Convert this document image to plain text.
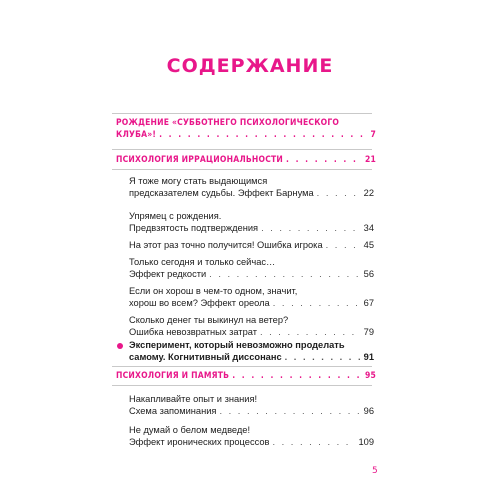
СОДЕРЖАНИЕ
РОЖДЕНИЕ «СУББОТНЕГО ПСИХОЛОГИЧЕСКОГО
КЛУБА»! . . .	7
ПСИХОЛОГИЯ ИРРАЦИОНАЛЬНОСТИ . . .	21
Я тоже могу стать выдающимся
предсказателем судьбы. Эффект Барнума . . .	22
Упрямец с рождения.
Предвзятость подтверждения . . .	34
На этот раз точно получится! Ошибка игрока . . .	45
Только сегодня и только сейчас…
Эффект редкости . . .	56
Если он хорош в чем-то одном, значит,
хорош во всем? Эффект ореола . . .	67
Сколько денег ты выкинул на ветер?
Ошибка невозвратных затрат . . .	79
Эксперимент, который невозможно проделать
самому. Когнитивный диссонанс . . .	91
ПСИХОЛОГИЯ И ПАМЯТЬ . . .	95
Накапливайте опыт и знания!
Схема запоминания . . .	96
Не думай о белом медведе!
Эффект иронических процессов . . .	109
5
